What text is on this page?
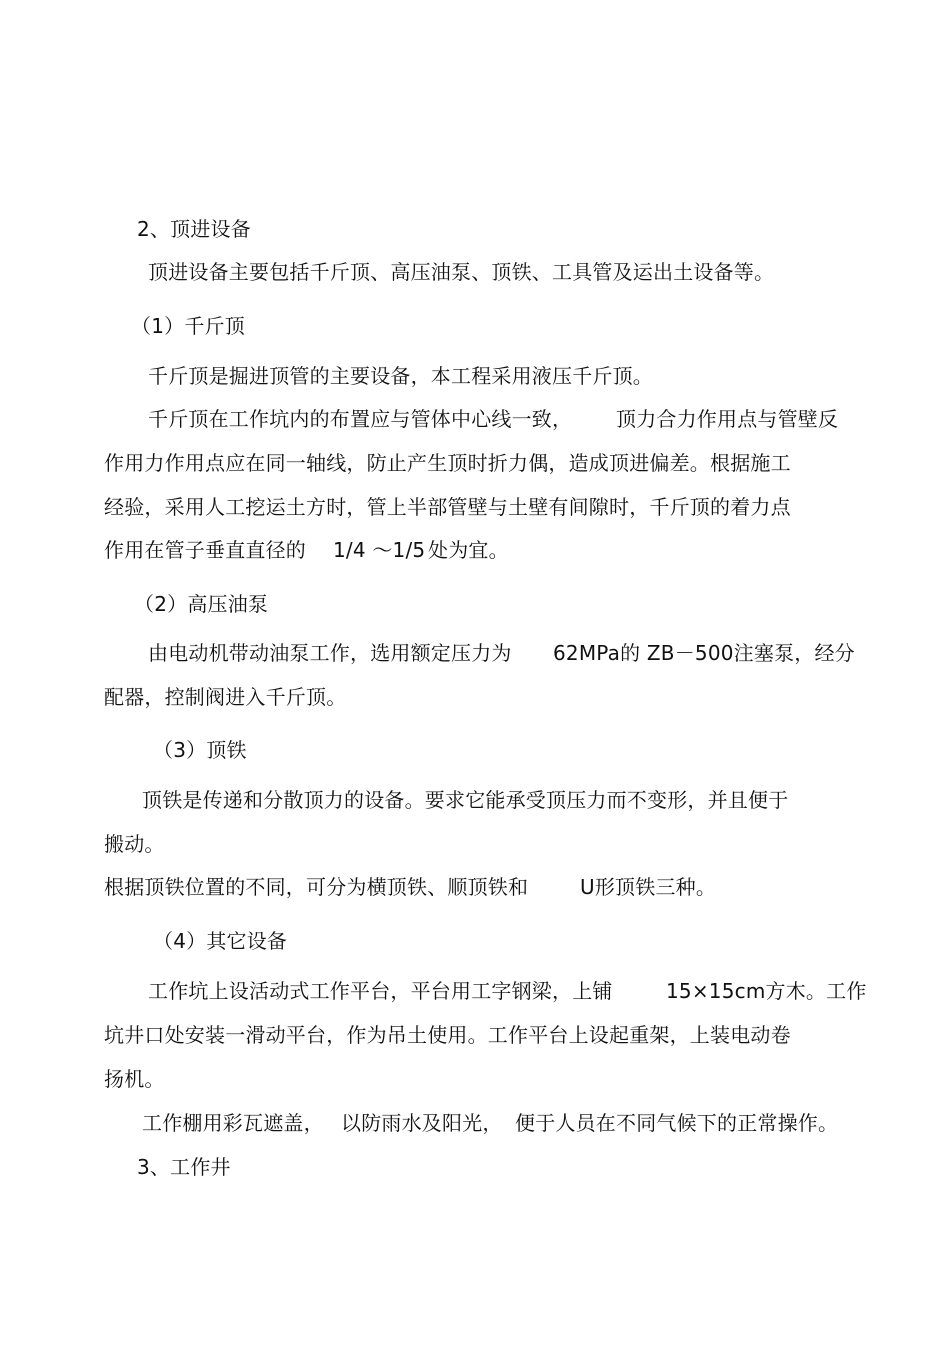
2、顶进设备
顶进设备主要包括千斤顶、高压油泵、顶铁、工具管及运出土设备等。
（1）千斤顶
千斤顶是掘进顶管的主要设备，本工程采用液压千斤顶。
千斤顶在工作坑内的布置应与管体中心线一致， 顶力合力作用点与管壁反
作用力作用点应在同一轴线，防止产生顶时折力偶，造成顶进偏差。根据施工
经验，采用人工挖运土方时，管上半部管壁与土壁有间隙时，千斤顶的着力点
作用在管子垂直直径的 1/4 ～1/5 处为宜。
（2）高压油泵
由电动机带动油泵工作，选用额定压力为 62MPa的 ZB－500注塞泵，经分
配器，控制阀进入千斤顶。
（3）顶铁
顶铁是传递和分散顶力的设备。要求它能承受顶压力而不变形，并且便于
搬动。
根据顶铁位置的不同，可分为横顶铁、顺顶铁和	U形顶铁三种。
（4）其它设备
工作坑上设活动式工作平台，平台用工字钢梁，上铺	15×15cm方木。工作
坑井口处安装一滑动平台，作为吊土使用。工作平台上设起重架，上装电动卷
扬机。
工作棚用彩瓦遮盖， 以防雨水及阳光， 便于人员在不同气候下的正常操作。
3、工作井
